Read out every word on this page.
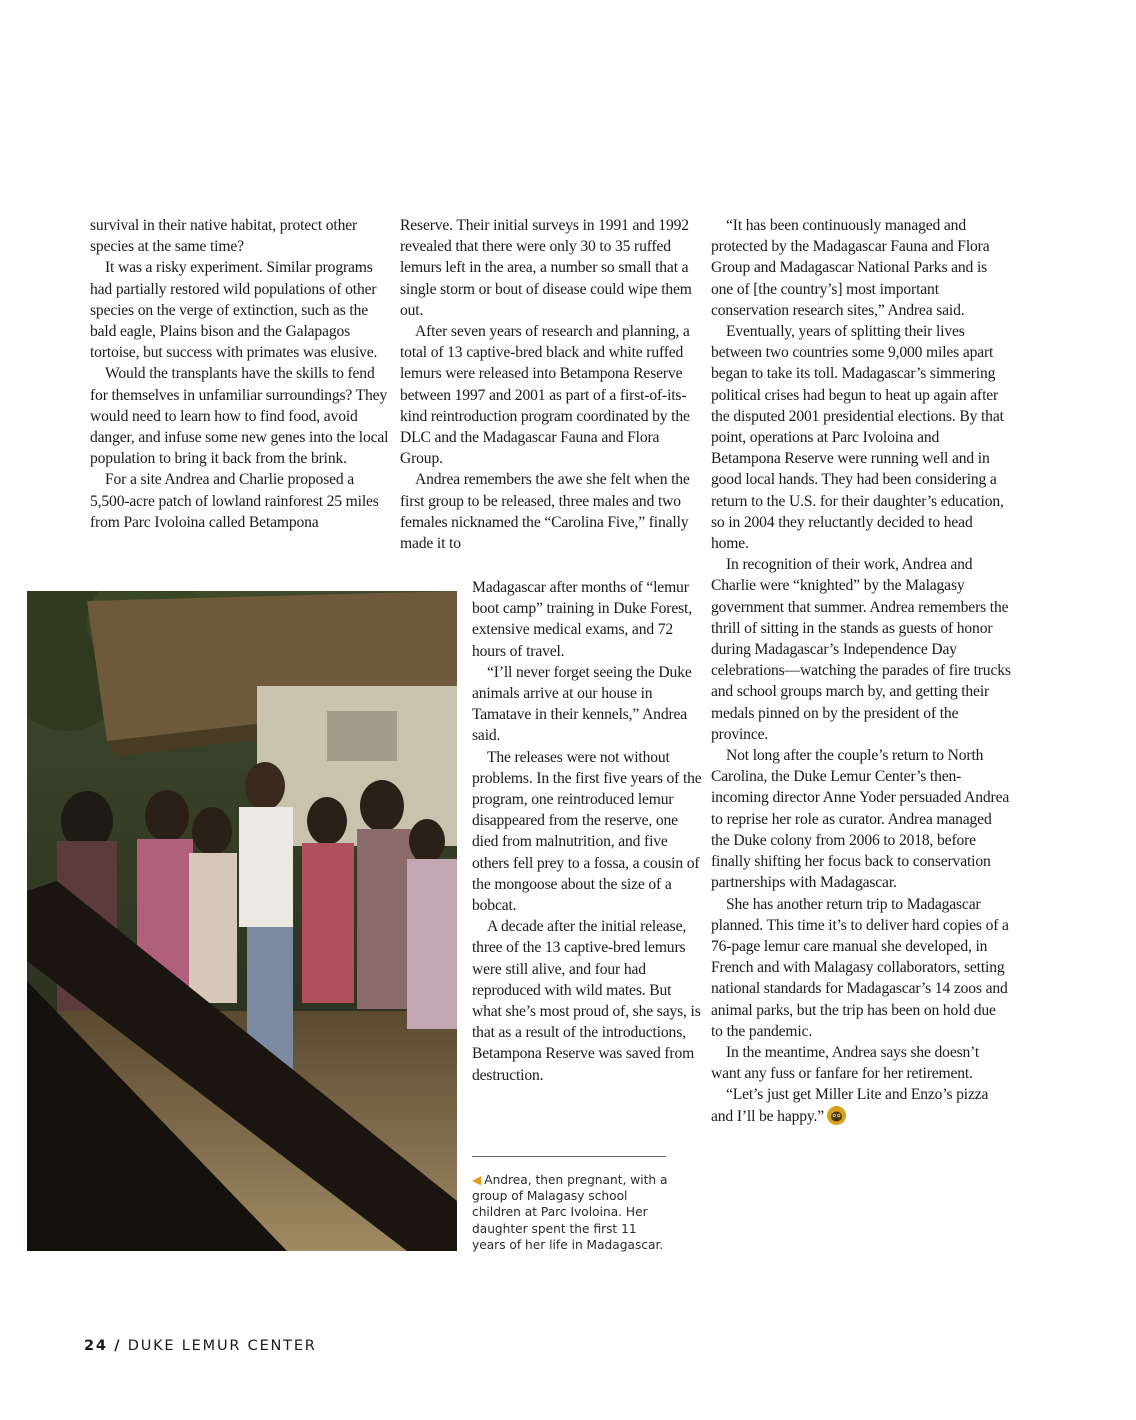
survival in their native habitat, protect other species at the same time?

It was a risky experiment. Similar programs had partially restored wild populations of other species on the verge of extinction, such as the bald eagle, Plains bison and the Galapagos tortoise, but success with primates was elusive.

Would the transplants have the skills to fend for themselves in unfamiliar surroundings? They would need to learn how to find food, avoid danger, and infuse some new genes into the local population to bring it back from the brink.

For a site Andrea and Charlie proposed a 5,500-acre patch of lowland rainforest 25 miles from Parc Ivoloina called Betampona

Reserve. Their initial surveys in 1991 and 1992 revealed that there were only 30 to 35 ruffed lemurs left in the area, a number so small that a single storm or bout of disease could wipe them out.

After seven years of research and planning, a total of 13 captive-bred black and white ruffed lemurs were released into Betampona Reserve between 1997 and 2001 as part of a first-of-its-kind reintroduction program coordinated by the DLC and the Madagascar Fauna and Flora Group.

Andrea remembers the awe she felt when the first group to be released, three males and two females nicknamed the “Carolina Five,” finally made it to

Madagascar after months of “lemur boot camp” training in Duke Forest, extensive medical exams, and 72 hours of travel.

“I’ll never forget seeing the Duke animals arrive at our house in Tamatave in their kennels,” Andrea said.

The releases were not without problems. In the first five years of the program, one reintroduced lemur disappeared from the reserve, one died from malnutrition, and five others fell prey to a fossa, a cousin of the mongoose about the size of a bobcat.

A decade after the initial release, three of the 13 captive-bred lemurs were still alive, and four had reproduced with wild mates. But what she’s most proud of, she says, is that as a result of the introductions, Betampona Reserve was saved from destruction.

“It has been continuously managed and protected by the Madagascar Fauna and Flora Group and Madagascar National Parks and is one of [the country’s] most important conservation research sites,” Andrea said.

Eventually, years of splitting their lives between two countries some 9,000 miles apart began to take its toll. Madagascar’s simmering political crises had begun to heat up again after the disputed 2001 presidential elections. By that point, operations at Parc Ivoloina and Betampona Reserve were running well and in good local hands. They had been considering a return to the U.S. for their daughter’s education, so in 2004 they reluctantly decided to head home.

In recognition of their work, Andrea and Charlie were “knighted” by the Malagasy government that summer. Andrea remembers the thrill of sitting in the stands as guests of honor during Madagascar’s Independence Day celebrations—watching the parades of fire trucks and school groups march by, and getting their medals pinned on by the president of the province.

Not long after the couple’s return to North Carolina, the Duke Lemur Center’s then-incoming director Anne Yoder persuaded Andrea to reprise her role as curator. Andrea managed the Duke colony from 2006 to 2018, before finally shifting her focus back to conservation partnerships with Madagascar.

She has another return trip to Madagascar planned. This time it’s to deliver hard copies of a 76-page lemur care manual she developed, in French and with Malagasy collaborators, setting national standards for Madagascar’s 14 zoos and animal parks, but the trip has been on hold due to the pandemic.

In the meantime, Andrea says she doesn’t want any fuss or fanfare for her retirement.

“Let’s just get Miller Lite and Enzo’s pizza and I’ll be happy.”

◀ Andrea, then pregnant, with a group of Malagasy school children at Parc Ivoloina. Her daughter spent the first 11 years of her life in Madagascar.
24 / DUKE LEMUR CENTER
